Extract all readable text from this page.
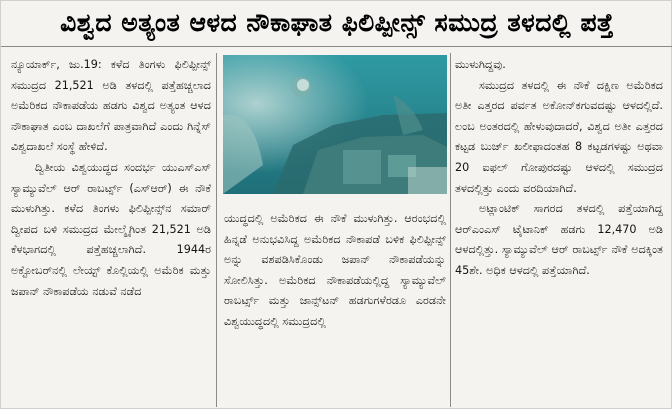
ವಿಶ್ವದ ಅತ್ಯಂತ ಆಳದ ನೌಕಾಘಾತ ಫಿಲಿಪ್ಪೀನ್ಸ್ ಸಮುದ್ರ ತಳದಲ್ಲಿ ಪತ್ತೆ

ನ್ಯೂಯಾರ್ಕ್, ಜು.19: ಕಳೆದ ತಿಂಗಳು ಫಿಲಿಪ್ಪೀನ್ಸ್ ಸಮುದ್ರದ 21,521 ಅಡಿ ತಳದಲ್ಲಿ ಪತ್ತೆಹಚ್ಚಲಾದ ಅಮೆರಿಕದ ನೌಕಾಪಡೆಯ ಹಡಗು ವಿಶ್ವದ ಅತ್ಯಂತ ಆಳದ ನೌಕಾಘಾತ ಎಂಬ ದಾಖಲೆಗೆ ಪಾತ್ರವಾಗಿದೆ ಎಂದು ಗಿನ್ನೆಸ್ ವಿಶ್ವದಾಖಲೆ ಸಂಸ್ಥೆ ಹೇಳಿದೆ.

ದ್ವಿತೀಯ ವಿಶ್ವಯುದ್ಧದ ಸಂದರ್ಭ ಯುಎಸ್‌ಎಸ್ ಸ್ಯಾಮ್ಯುವೆಲ್ ಆರ್ ರಾಬರ್ಟ್ಸ್ (ಎಸ್‌ಆರ್) ಈ ನೌಕೆ ಮುಳುಗಿತ್ತು. ಕಳೆದ ತಿಂಗಳು ಫಿಲಿಪ್ಪೀನ್ಸ್‌ನ ಸಮಾರ್ ದ್ವೀಪದ ಬಳಿ ಸಮುದ್ರದ ಮೇಲ್ಮೈಗಿಂತ 21,521 ಅಡಿ ಕೆಳಭಾಗದಲ್ಲಿ ಪತ್ತೆಹಚ್ಚಲಾಗಿದೆ. 1944ರ ಅಕ್ಟೋಬರ್‌ನಲ್ಲಿ ಲೇಯ್ಟ್ ಕೊಲ್ಲಿಯಲ್ಲಿ ಅಮೆರಿಕ ಮತ್ತು ಜಪಾನ್ ನೌಕಾಪಡೆಯ ನಡುವೆ ನಡೆದ

ಯುದ್ಧದಲ್ಲಿ ಅಮೆರಿಕದ ಈ ನೌಕೆ ಮುಳುಗಿತ್ತು. ಆರಂಭದಲ್ಲಿ ಹಿನ್ನಡೆ ಅನುಭವಿಸಿದ್ದ ಅಮೆರಿಕದ ನೌಕಾಪಡೆ ಬಳಿಕ ಫಿಲಿಪ್ಪೀನ್ಸ್ ಅನ್ನು ವಶಪಡಿಸಿಕೊಂಡು ಜಪಾನ್ ನೌಕಾಪಡೆಯನ್ನು ಸೋಲಿಸಿತ್ತು. ಅಮೆರಿಕದ ನೌಕಾಪಡೆಯಲ್ಲಿದ್ದ ಸ್ಯಾಮ್ಯುವೆಲ್ ರಾಬರ್ಟ್ಸ್ ಮತ್ತು ಜಾನ್ಸ್‌ಟನ್ ಹಡಗುಗಳೆರಡೂ ಎರಡನೇ ವಿಶ್ವಯುದ್ಧದಲ್ಲಿ ಸಮುದ್ರದಲ್ಲಿ

ಮುಳುಗಿದ್ದವು.

ಸಮುದ್ರದ ತಳದಲ್ಲಿ ಈ ನೌಕೆ ದಕ್ಷಿಣ ಅಮೆರಿಕದ ಅತೀ ಎತ್ತರದ ಪರ್ವತ ಅಕೋನ್‌ಕಗುವದಷ್ಟು ಆಳದಲ್ಲಿದೆ. ಲಂಬ ಅಂತರದಲ್ಲಿ ಹೇಳುವುದಾದರೆ, ವಿಶ್ವದ ಅತೀ ಎತ್ತರದ ಕಟ್ಟಡ ಬುರ್ಜ್ ಖಲೀಫಾದಂತಹ 8 ಕಟ್ಟಡಗಳಷ್ಟು ಅಥವಾ 20 ಐಫಲ್ ಗೋಪುರದಷ್ಟು ಆಳದಲ್ಲಿ ಸಮುದ್ರದ ತಳದಲ್ಲಿತ್ತು ಎಂದು ವರದಿಯಾಗಿದೆ.

ಅಟ್ಲಾಂಟಿಕ್ ಸಾಗರದ ತಳದಲ್ಲಿ ಪತ್ತೆಯಾಗಿದ್ದ ಆರ್‌ಎಂಎಸ್ ಟೈಟಾನಿಕ್ ಹಡಗು 12,470 ಅಡಿ ಆಳದಲ್ಲಿತ್ತು. ಸ್ಯಾಮ್ಯುವೆಲ್ ಆರ್ ರಾಬರ್ಟ್ಸ್ ನೌಕೆ ಅದಕ್ಕಿಂತ 45ಶೇ. ಅಧಿಕ ಆಳದಲ್ಲಿ ಪತ್ತೆಯಾಗಿದೆ.
